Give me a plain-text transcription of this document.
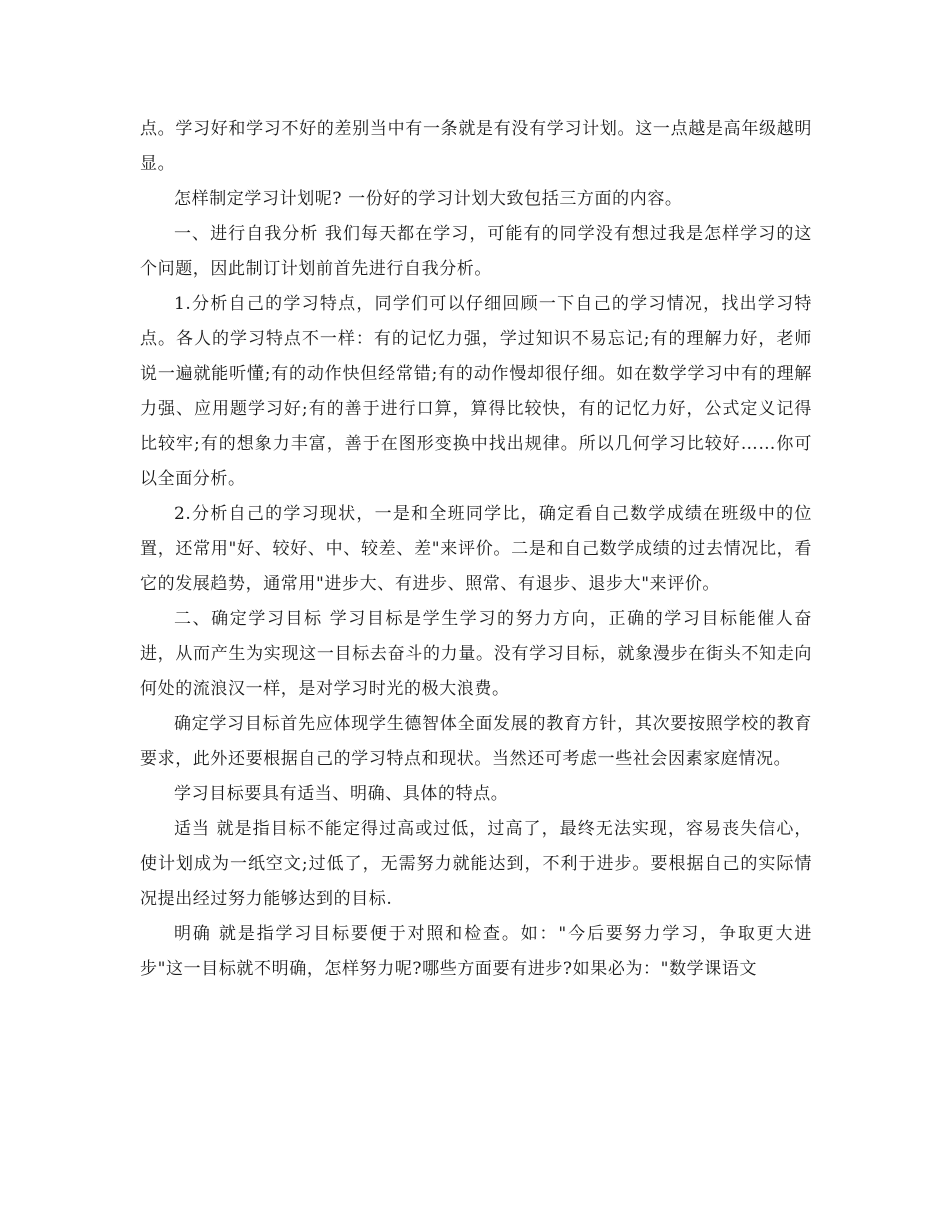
点。学习好和学习不好的差别当中有一条就是有没有学习计划。这一点越是高年级越明显。

怎样制定学习计划呢? 一份好的学习计划大致包括三方面的内容。

一、进行自我分析 我们每天都在学习，可能有的同学没有想过我是怎样学习的这个问题，因此制订计划前首先进行自我分析。

1.分析自己的学习特点，同学们可以仔细回顾一下自己的学习情况，找出学习特点。各人的学习特点不一样：有的记忆力强，学过知识不易忘记;有的理解力好，老师说一遍就能听懂;有的动作快但经常错;有的动作慢却很仔细。如在数学学习中有的理解力强、应用题学习好;有的善于进行口算，算得比较快，有的记忆力好，公式定义记得比较牢;有的想象力丰富，善于在图形变换中找出规律。所以几何学习比较好……你可以全面分析。

2.分析自己的学习现状，一是和全班同学比，确定看自己数学成绩在班级中的位置，还常用"好、较好、中、较差、差"来评价。二是和自己数学成绩的过去情况比，看它的发展趋势，通常用"进步大、有进步、照常、有退步、退步大"来评价。

二、确定学习目标 学习目标是学生学习的努力方向，正确的学习目标能催人奋进，从而产生为实现这一目标去奋斗的力量。没有学习目标，就象漫步在街头不知走向何处的流浪汉一样，是对学习时光的极大浪费。

确定学习目标首先应体现学生德智体全面发展的教育方针，其次要按照学校的教育要求，此外还要根据自己的学习特点和现状。当然还可考虑一些社会因素家庭情况。

学习目标要具有适当、明确、具体的特点。

适当 就是指目标不能定得过高或过低，过高了，最终无法实现，容易丧失信心，使计划成为一纸空文;过低了，无需努力就能达到，不利于进步。要根据自己的实际情况提出经过努力能够达到的目标.

明确 就是指学习目标要便于对照和检查。如："今后要努力学习，争取更大进步"这一目标就不明确，怎样努力呢?哪些方面要有进步?如果必为："数学课语文
